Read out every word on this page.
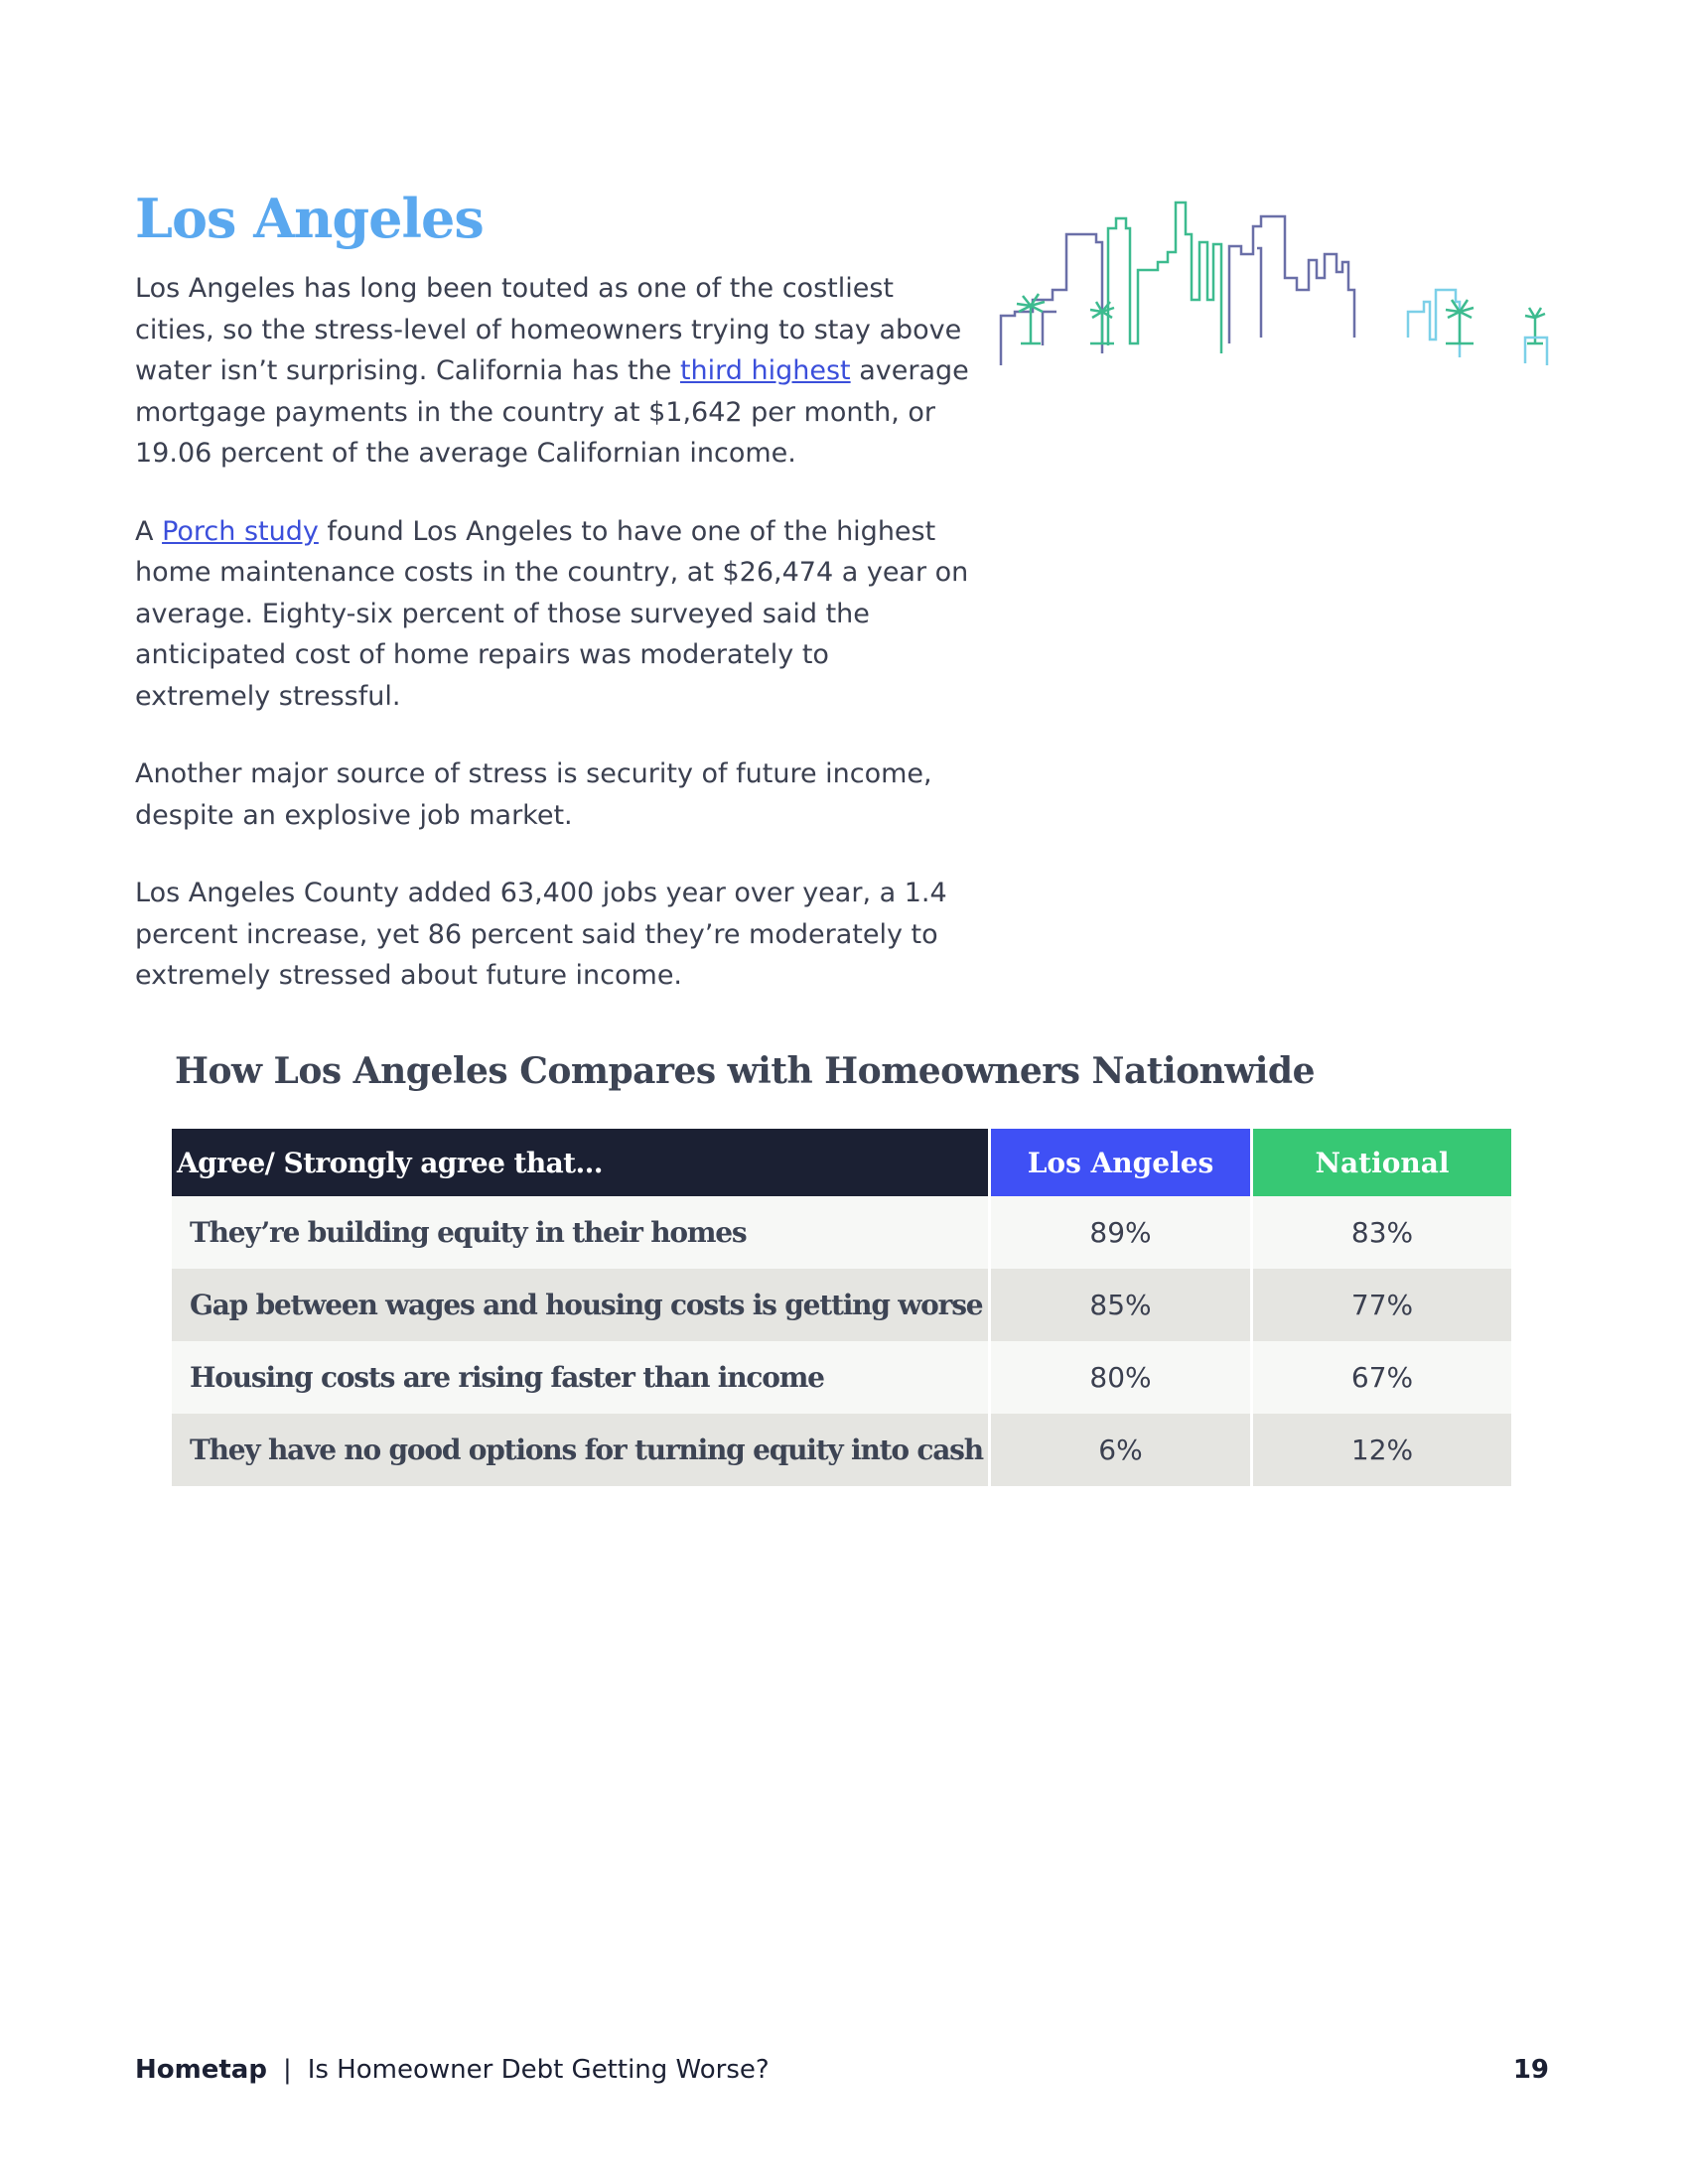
Los Angeles

Los Angeles has long been touted as one of the costliest cities, so the stress-level of homeowners trying to stay above water isn’t surprising. California has the third highest average mortgage payments in the country at $1,642 per month, or 19.06 percent of the average Californian income.

A Porch study found Los Angeles to have one of the highest home maintenance costs in the country, at $26,474 a year on average. Eighty-six percent of those surveyed said the anticipated cost of home repairs was moderately to extremely stressful.

Another major source of stress is security of future income, despite an explosive job market.

Los Angeles County added 63,400 jobs year over year, a 1.4 percent increase, yet 86 percent said they’re moderately to extremely stressed about future income.

How Los Angeles Compares with Homeowners Nationwide
Agree/ Strongly agree that...	Los Angeles	National
They’re building equity in their homes	89%	83%
Gap between wages and housing costs is getting worse	85%	77%
Housing costs are rising faster than income	80%	67%
They have no good options for turning equity into cash	6%	12%
Hometap | Is Homeowner Debt Getting Worse?	19
